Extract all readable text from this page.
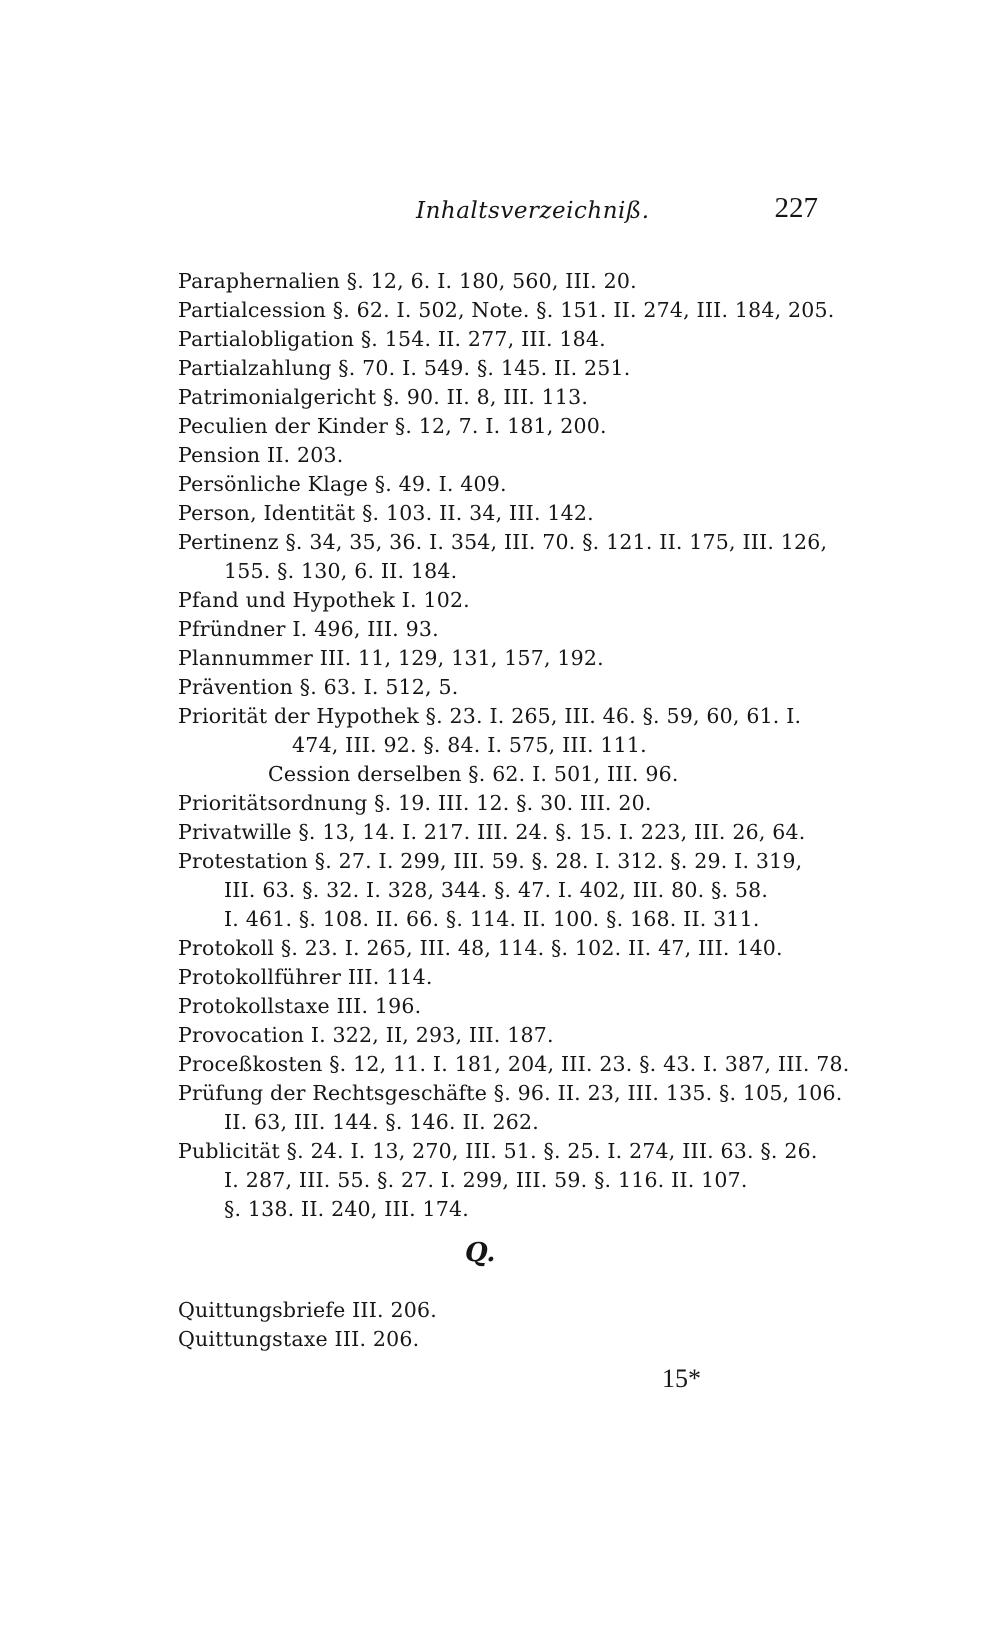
Inhaltsverzeichniß.	227
Paraphernalien §. 12, 6. I. 180, 560, III. 20.
Partialcession §. 62. I. 502, Note. §. 151. II. 274, III. 184, 205.
Partialobligation §. 154. II. 277, III. 184.
Partialzahlung §. 70. I. 549. §. 145. II. 251.
Patrimonialgericht §. 90. II. 8, III. 113.
Peculien der Kinder §. 12, 7. I. 181, 200.
Pension II. 203.
Persönliche Klage §. 49. I. 409.
Person, Identität §. 103. II. 34, III. 142.
Pertinenz §. 34, 35, 36. I. 354, III. 70. §. 121. II. 175, III. 126,
155. §. 130, 6. II. 184.
Pfand und Hypothek I. 102.
Pfründner I. 496, III. 93.
Plannummer III. 11, 129, 131, 157, 192.
Prävention §. 63. I. 512, 5.
Priorität der Hypothek §. 23. I. 265, III. 46. §. 59, 60, 61. I.
474, III. 92. §. 84. I. 575, III. 111.
Cession derselben §. 62. I. 501, III. 96.
Prioritätsordnung §. 19. III. 12. §. 30. III. 20.
Privatwille §. 13, 14. I. 217. III. 24. §. 15. I. 223, III. 26, 64.
Protestation §. 27. I. 299, III. 59. §. 28. I. 312. §. 29. I. 319,
III. 63. §. 32. I. 328, 344. §. 47. I. 402, III. 80. §. 58.
I. 461. §. 108. II. 66. §. 114. II. 100. §. 168. II. 311.
Protokoll §. 23. I. 265, III. 48, 114. §. 102. II. 47, III. 140.
Protokollführer III. 114.
Protokollstaxe III. 196.
Provocation I. 322, II, 293, III. 187.
Proceßkosten §. 12, 11. I. 181, 204, III. 23. §. 43. I. 387, III. 78.
Prüfung der Rechtsgeschäfte §. 96. II. 23, III. 135. §. 105, 106.
II. 63, III. 144. §. 146. II. 262.
Publicität §. 24. I. 13, 270, III. 51. §. 25. I. 274, III. 63. §. 26.
I. 287, III. 55. §. 27. I. 299, III. 59. §. 116. II. 107.
§. 138. II. 240, III. 174.
Q.
Quittungsbriefe III. 206.
Quittungstaxe III. 206.
15*
